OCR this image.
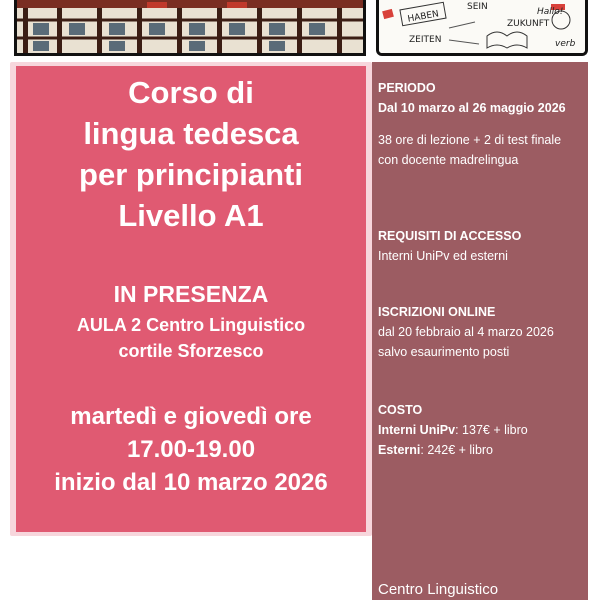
HABEN
SEIN
ZEITEN
ZUKUNFT
Hallo!
verb
Corso di
lingua tedesca
per principianti
Livello A1
IN PRESENZA
AULA 2 Centro Linguistico
cortile Sforzesco
martedì e giovedì ore
17.00-19.00
inizio dal 10 marzo 2026
PERIODO
Dal 10 marzo al 26 maggio 2026
38 ore di lezione + 2 di test finale con docente madrelingua
REQUISITI DI ACCESSO
Interni UniPv ed esterni
ISCRIZIONI ONLINE
dal 20 febbraio al 4 marzo 2026
salvo esaurimento posti
COSTO
Interni UniPv: 137€ + libro
Esterni: 242€ + libro
Centro Linguistico
